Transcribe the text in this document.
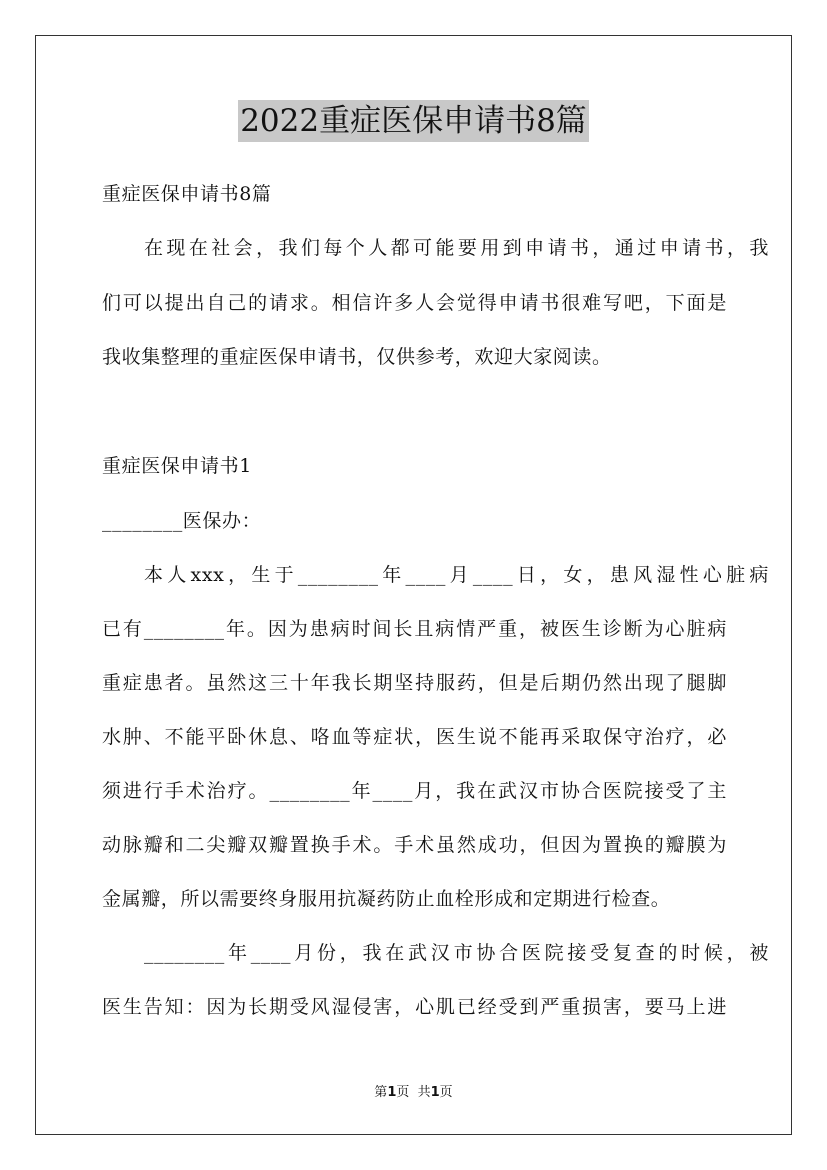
2022重症医保申请书8篇
重症医保申请书8篇
在现在社会，我们每个人都可能要用到申请书，通过申请书，我
们可以提出自己的请求。相信许多人会觉得申请书很难写吧，下面是
我收集整理的重症医保申请书，仅供参考，欢迎大家阅读。
重症医保申请书1
________医保办：
本人xxx，生于________年____月____日，女，患风湿性心脏病
已有________年。因为患病时间长且病情严重，被医生诊断为心脏病
重症患者。虽然这三十年我长期坚持服药，但是后期仍然出现了腿脚
水肿、不能平卧休息、咯血等症状，医生说不能再采取保守治疗，必
须进行手术治疗。________年____月，我在武汉市协合医院接受了主
动脉瓣和二尖瓣双瓣置换手术。手术虽然成功，但因为置换的瓣膜为
金属瓣，所以需要终身服用抗凝药防止血栓形成和定期进行检查。
________年____月份，我在武汉市协合医院接受复查的时候，被
医生告知：因为长期受风湿侵害，心肌已经受到严重损害，要马上进
第1页  共1页
